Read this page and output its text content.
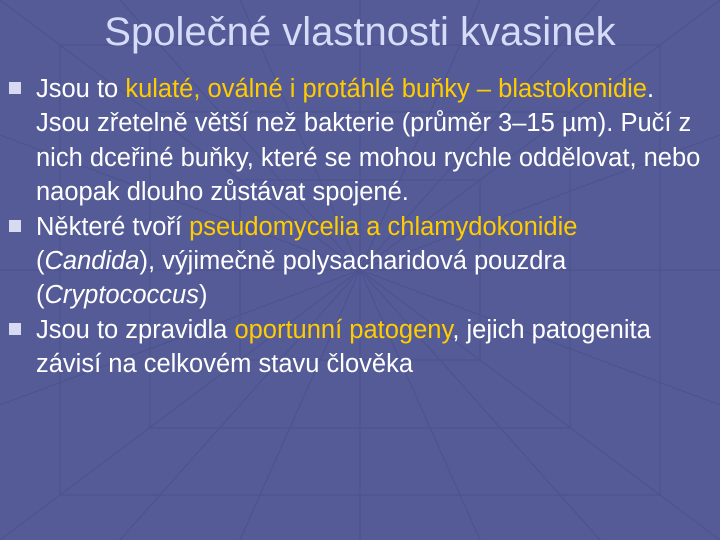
Společné vlastnosti kvasinek
Jsou to kulaté, oválné i protáhlé buňky – blastokonidie. Jsou zřetelně větší než bakterie (průměr 3–15 µm). Pučí z nich dceřiné buňky, které se mohou rychle oddělovat, nebo naopak dlouho zůstávat spojené.
Některé tvoří pseudomycelia a chlamydokonidie (Candida), výjimečně polysacharidová pouzdra (Cryptococcus)
Jsou to zpravidla oportunní patogeny, jejich patogenita závisí na celkovém stavu člověka
